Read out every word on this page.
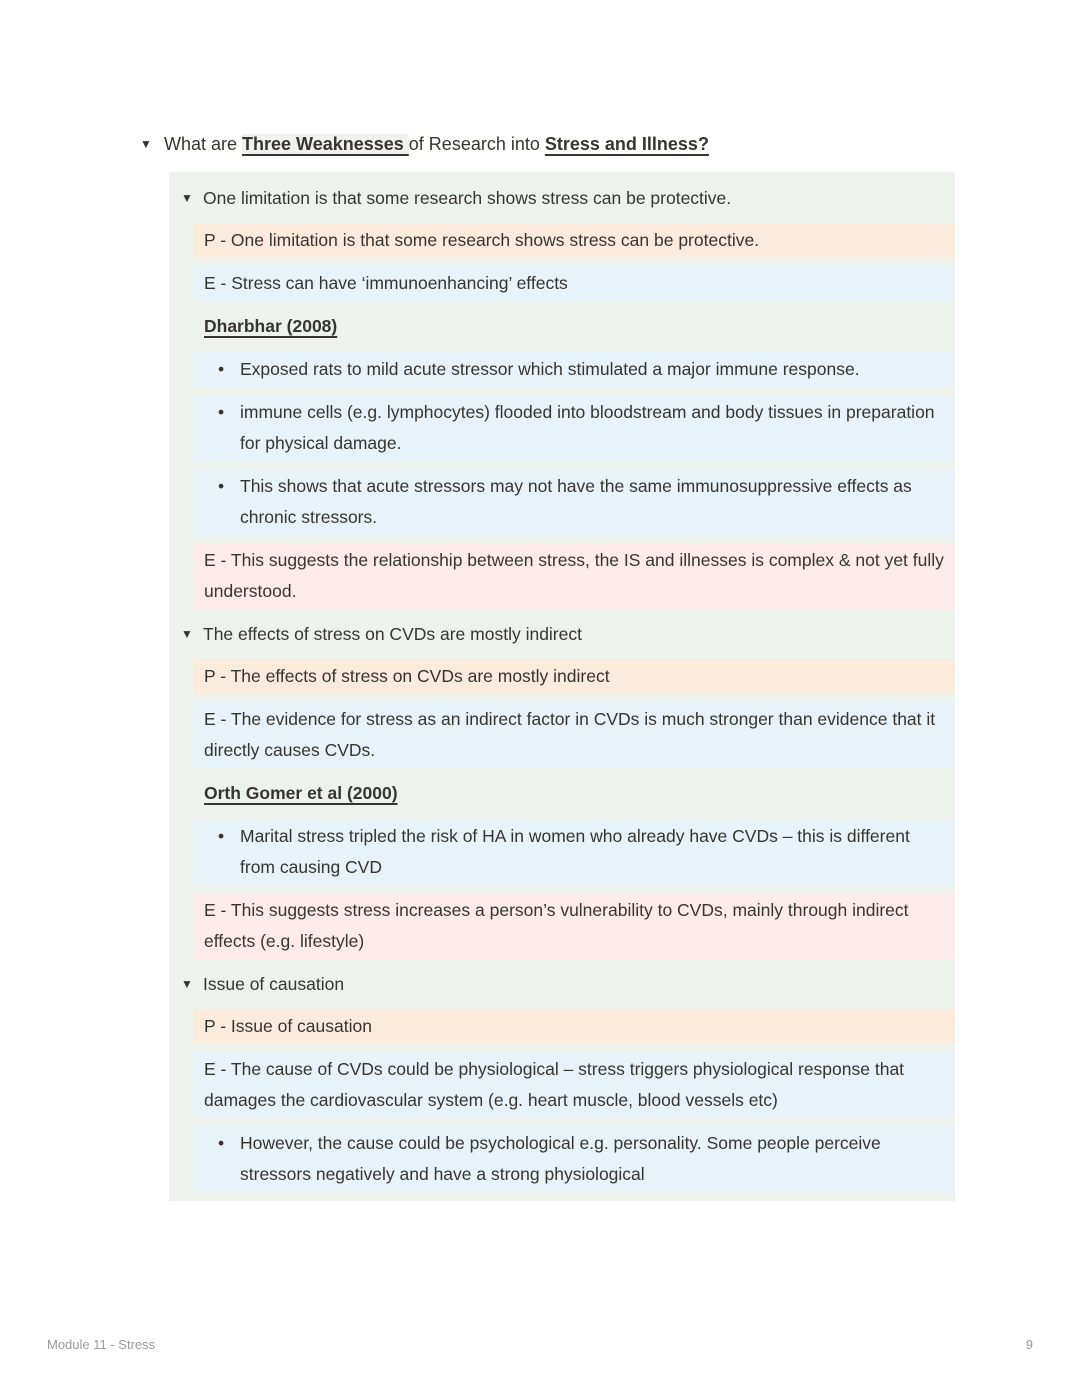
▼ What are Three Weaknesses of Research into Stress and Illness?
▼ One limitation is that some research shows stress can be protective.
P - One limitation is that some research shows stress can be protective.
E - Stress can have ‘immunoenhancing’ effects
Dharbhar (2008)
• Exposed rats to mild acute stressor which stimulated a major immune response.
• immune cells (e.g. lymphocytes) flooded into bloodstream and body tissues in preparation for physical damage.
• This shows that acute stressors may not have the same immunosuppressive effects as chronic stressors.
E - This suggests the relationship between stress, the IS and illnesses is complex & not yet fully understood.
▼ The effects of stress on CVDs are mostly indirect
P - The effects of stress on CVDs are mostly indirect
E - The evidence for stress as an indirect factor in CVDs is much stronger than evidence that it directly causes CVDs.
Orth Gomer et al (2000)
• Marital stress tripled the risk of HA in women who already have CVDs – this is different from causing CVD
E - This suggests stress increases a person’s vulnerability to CVDs, mainly through indirect effects (e.g. lifestyle)
▼ Issue of causation
P - Issue of causation
E - The cause of CVDs could be physiological – stress triggers physiological response that damages the cardiovascular system (e.g. heart muscle, blood vessels etc)
• However, the cause could be psychological e.g. personality. Some people perceive stressors negatively and have a strong physiological
Module 11 - Stress	9
